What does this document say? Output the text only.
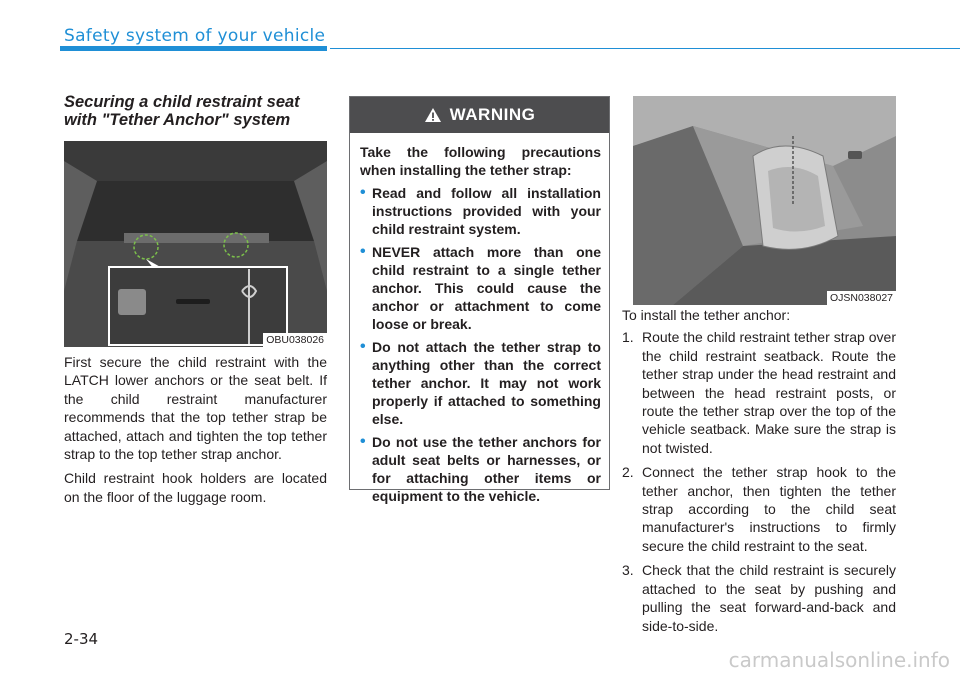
Safety system of your vehicle
Securing a child restraint seat
with "Tether Anchor" system
OBU038026

First secure the child restraint with the LATCH lower anchors or the seat belt. If the child restraint manufacturer recommends that the top tether strap be attached, attach and tighten the top tether strap to the top tether strap anchor.

Child restraint hook holders are located on the floor of the luggage room.

WARNING

Take the following precautions when installing the tether strap:

• Read and follow all installation instructions provided with your child restraint system.
• NEVER attach more than one child restraint to a single tether anchor. This could cause the anchor or attachment to come loose or break.
• Do not attach the tether strap to anything other than the correct tether anchor. It may not work properly if attached to something else.
• Do not use the tether anchors for adult seat belts or harnesses, or for attaching other items or equipment to the vehicle.
OJSN038027

To install the tether anchor:

1. Route the child restraint tether strap over the child restraint seatback. Route the tether strap under the head restraint and between the head restraint posts, or route the tether strap over the top of the vehicle seatback. Make sure the strap is not twisted.
2. Connect the tether strap hook to the tether anchor, then tighten the tether strap according to the child seat manufacturer's instructions to firmly secure the child restraint to the seat.
3. Check that the child restraint is securely attached to the seat by pushing and pulling the seat forward-and-back and side-to-side.
2-34
carmanualsonline.info
